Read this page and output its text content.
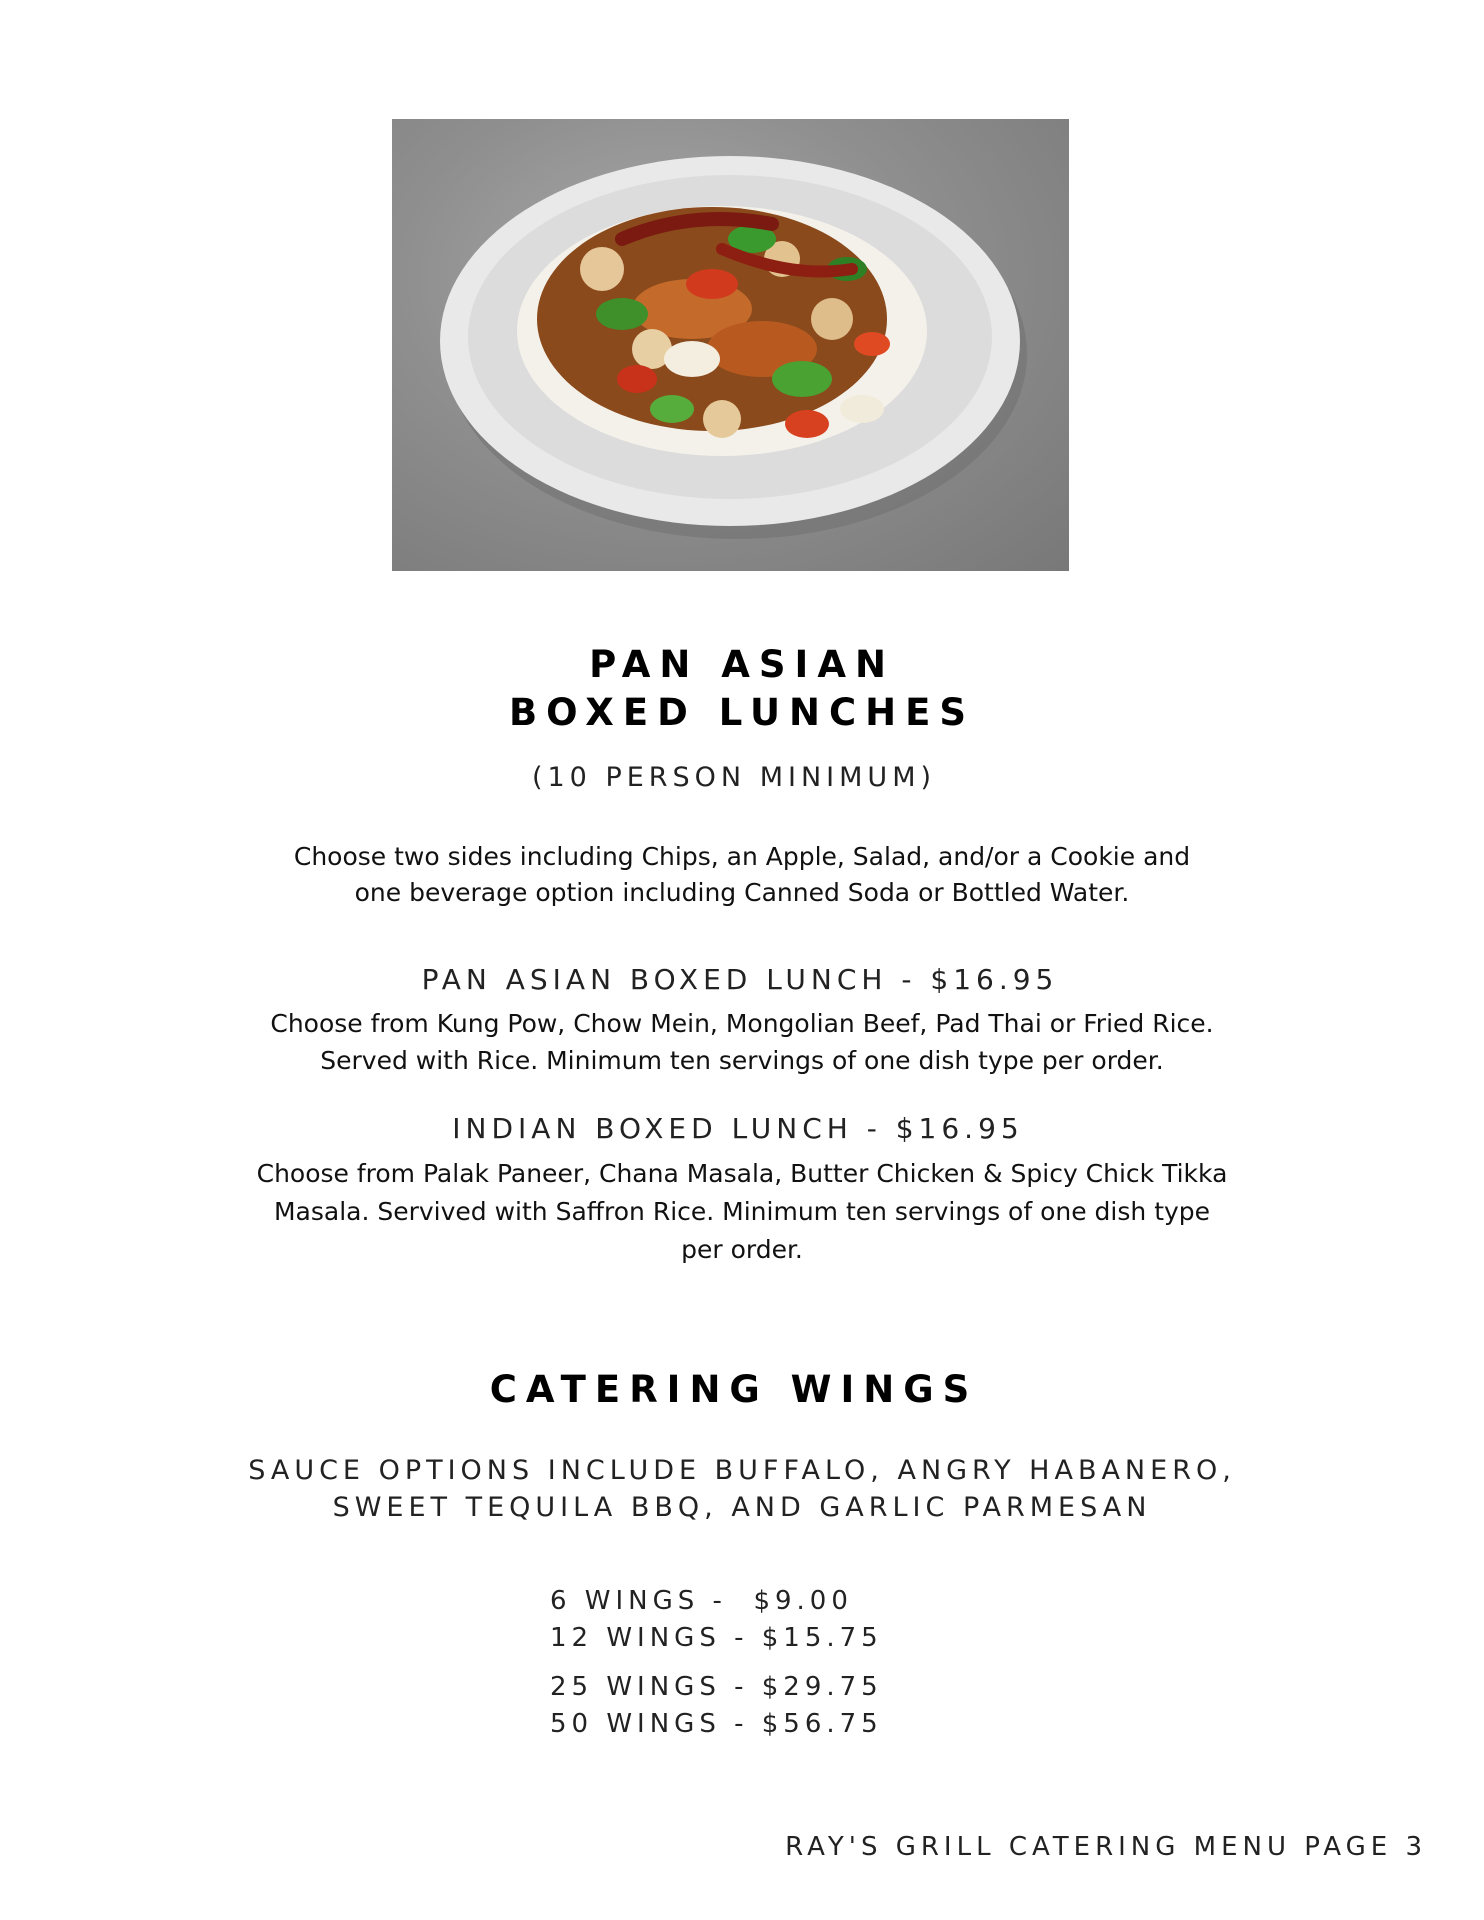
PAN ASIAN
BOXED LUNCHES
(10 PERSON MINIMUM)
Choose two sides including Chips, an Apple, Salad, and/or a Cookie and
one beverage option including Canned Soda or Bottled Water.
PAN ASIAN BOXED LUNCH - $16.95
Choose from Kung Pow, Chow Mein, Mongolian Beef, Pad Thai or Fried Rice.
Served with Rice. Minimum ten servings of one dish type per order.
INDIAN BOXED LUNCH - $16.95
Choose from Palak Paneer, Chana Masala, Butter Chicken & Spicy Chick Tikka
Masala. Servived with Saffron Rice. Minimum ten servings of one dish type
per order.
CATERING WINGS
SAUCE OPTIONS INCLUDE BUFFALO, ANGRY HABANERO,
SWEET TEQUILA BBQ, AND GARLIC PARMESAN
6 WINGS -  $9.00
12 WINGS - $15.75
25 WINGS - $29.75
50 WINGS - $56.75
RAY'S GRILL CATERING MENU PAGE 3
